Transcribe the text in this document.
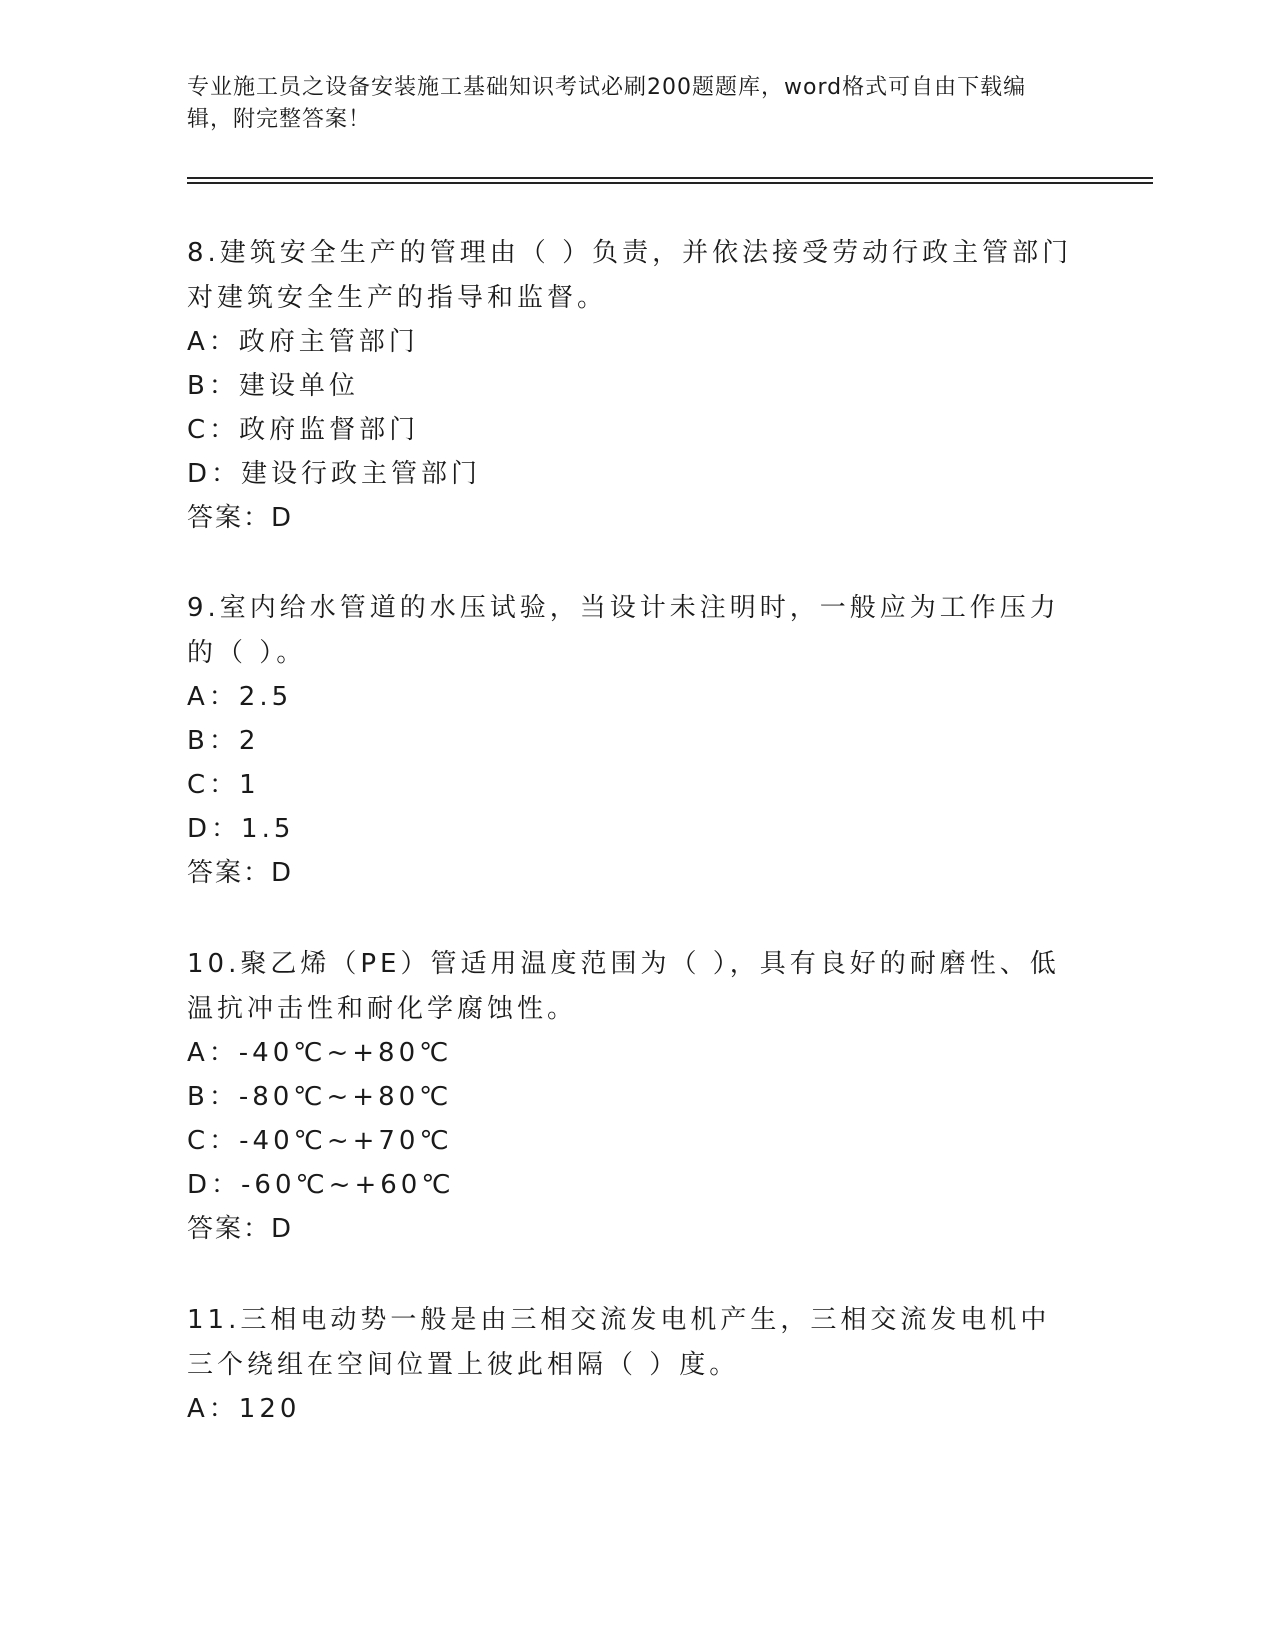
专业施工员之设备安装施工基础知识考试必刷200题题库，word格式可自由下载编辑，附完整答案！
8.建筑安全生产的管理由（ ）负责，并依法接受劳动行政主管部门对建筑安全生产的指导和监督。
A：政府主管部门
B：建设单位
C：政府监督部门
D：建设行政主管部门
答案：D
9.室内给水管道的水压试验，当设计未注明时，一般应为工作压力的（ ）。
A：2.5
B：2
C：1
D：1.5
答案：D
10.聚乙烯（PE）管适用温度范围为（ ），具有良好的耐磨性、低温抗冲击性和耐化学腐蚀性。
A：-40℃~+80℃
B：-80℃~+80℃
C：-40℃~+70℃
D：-60℃~+60℃
答案：D
11.三相电动势一般是由三相交流发电机产生，三相交流发电机中三个绕组在空间位置上彼此相隔（ ）度。
A：120
